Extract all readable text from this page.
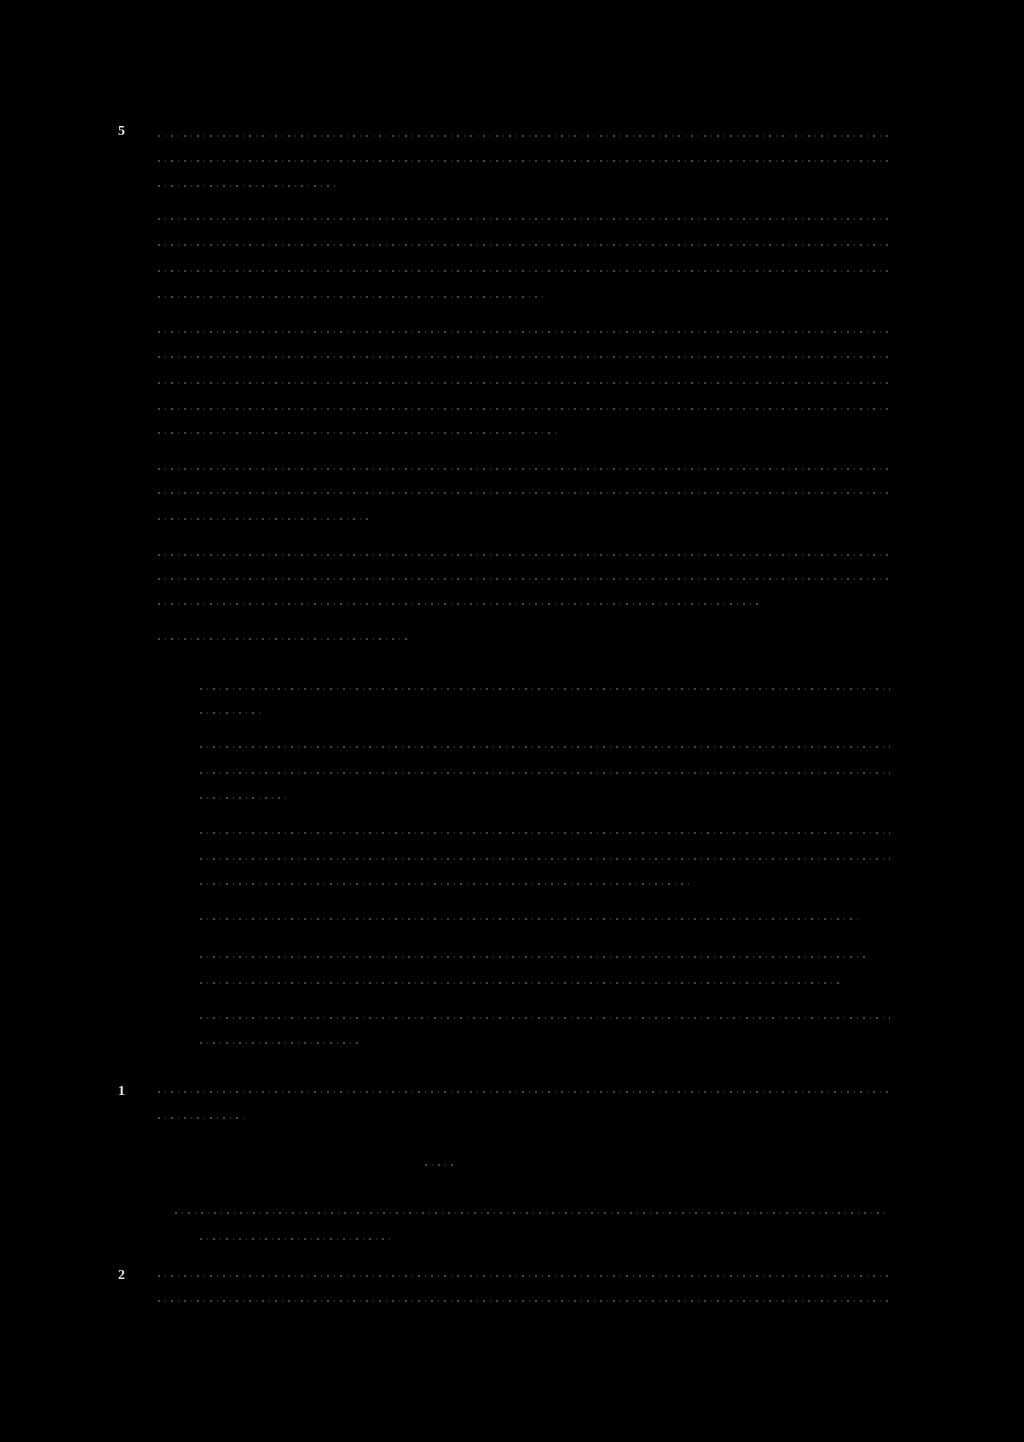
5
1
2
